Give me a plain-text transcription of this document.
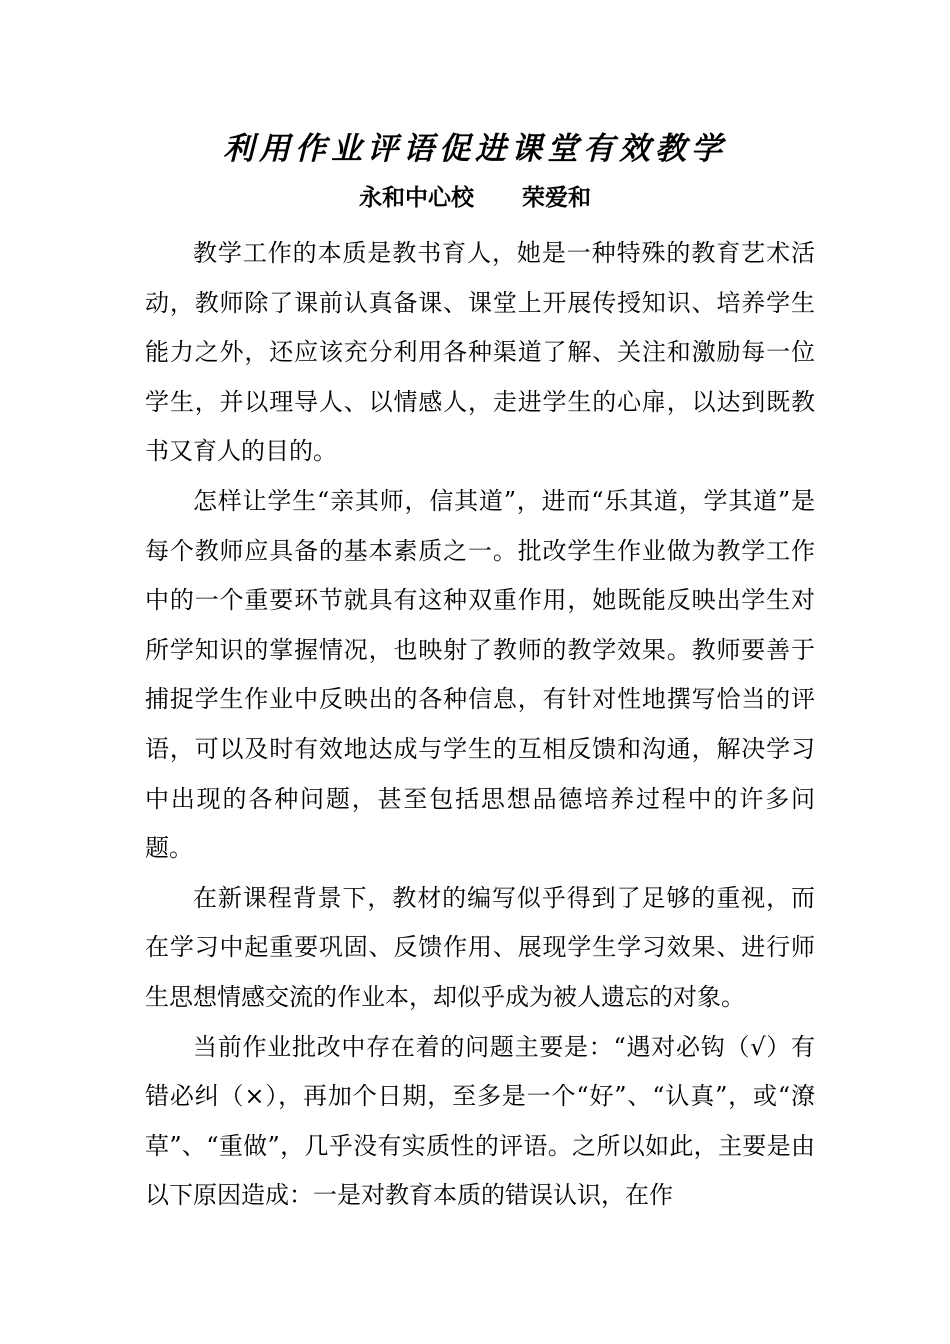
利用作业评语促进课堂有效教学
永和中心校 荣爱和

教学工作的本质是教书育人，她是一种特殊的教育艺术活动，教师除了课前认真备课、课堂上开展传授知识、培养学生能力之外，还应该充分利用各种渠道了解、关注和激励每一位学生，并以理导人、以情感人，走进学生的心扉，以达到既教书又育人的目的。

怎样让学生“亲其师，信其道”，进而“乐其道，学其道”是每个教师应具备的基本素质之一。批改学生作业做为教学工作中的一个重要环节就具有这种双重作用，她既能反映出学生对所学知识的掌握情况，也映射了教师的教学效果。教师要善于捕捉学生作业中反映出的各种信息，有针对性地撰写恰当的评语，可以及时有效地达成与学生的互相反馈和沟通，解决学习中出现的各种问题，甚至包括思想品德培养过程中的许多问题。

在新课程背景下，教材的编写似乎得到了足够的重视，而在学习中起重要巩固、反馈作用、展现学生学习效果、进行师生思想情感交流的作业本，却似乎成为被人遗忘的对象。

当前作业批改中存在着的问题主要是：“遇对必钩（√）有错必纠（×），再加个日期，至多是一个“好”、“认真”，或“潦草”、“重做”，几乎没有实质性的评语。之所以如此，主要是由以下原因造成：一是对教育本质的错误认识，在作
